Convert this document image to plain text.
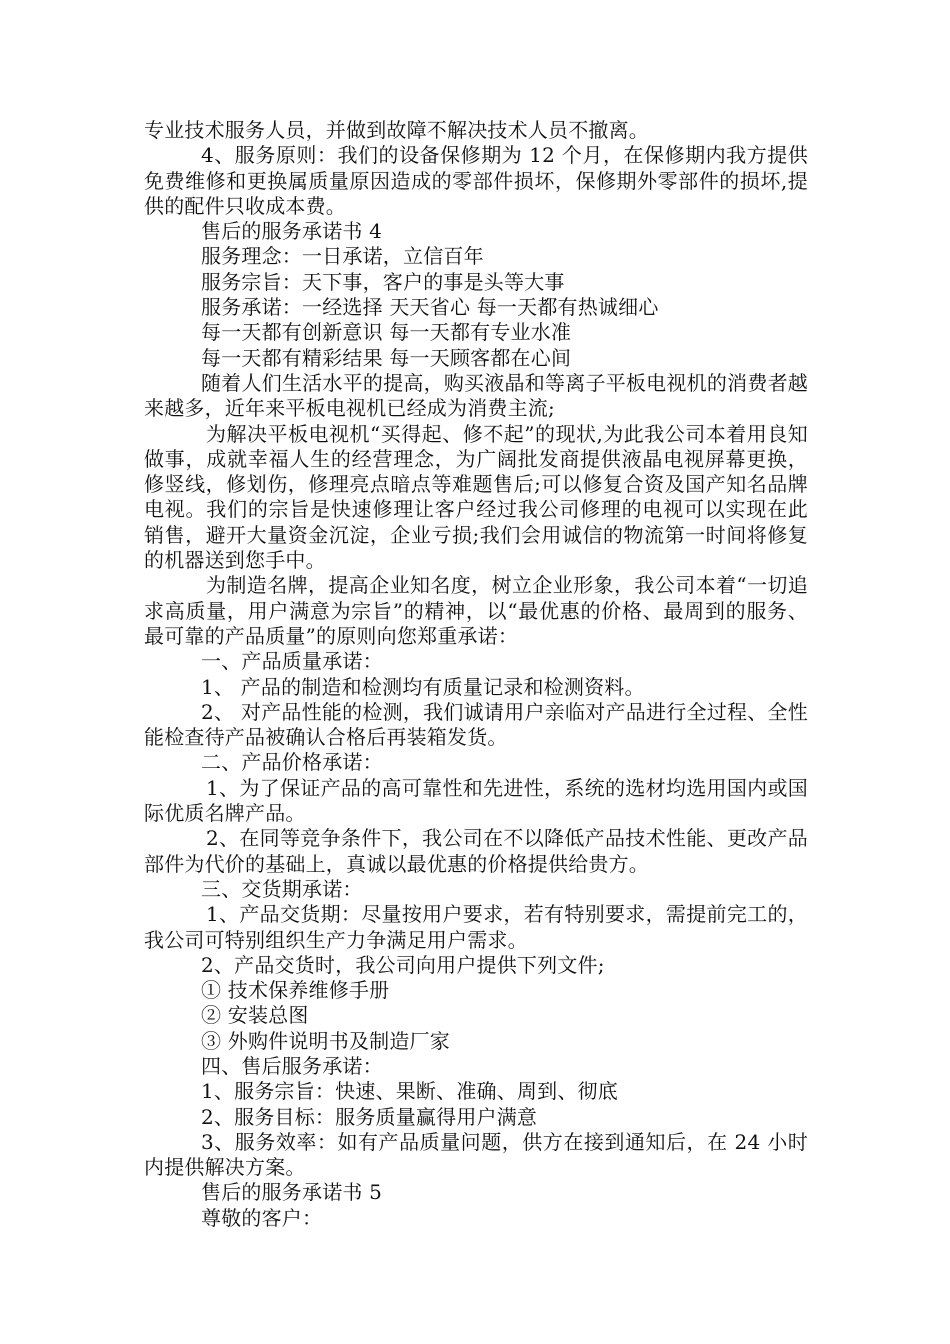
专业技术服务人员，并做到故障不解决技术人员不撤离。

4、服务原则：我们的设备保修期为 12 个月，在保修期内我方提供免费维修和更换属质量原因造成的零部件损坏，保修期外零部件的损坏,提供的配件只收成本费。

售后的服务承诺书 4

服务理念：一日承诺，立信百年

服务宗旨：天下事，客户的事是头等大事

服务承诺：一经选择 天天省心 每一天都有热诚细心

每一天都有创新意识 每一天都有专业水准

每一天都有精彩结果 每一天顾客都在心间

随着人们生活水平的提高，购买液晶和等离子平板电视机的消费者越来越多，近年来平板电视机已经成为消费主流;

为解决平板电视机“买得起、修不起”的现状,为此我公司本着用良知做事，成就幸福人生的经营理念，为广阔批发商提供液晶电视屏幕更换，修竖线，修划伤，修理亮点暗点等难题售后;可以修复合资及国产知名品牌电视。我们的宗旨是快速修理让客户经过我公司修理的电视可以实现在此销售，避开大量资金沉淀，企业亏损;我们会用诚信的物流第一时间将修复的机器送到您手中。

为制造名牌，提高企业知名度，树立企业形象，我公司本着“一切追求高质量，用户满意为宗旨”的精神，以“最优惠的价格、最周到的服务、最可靠的产品质量”的原则向您郑重承诺：

一、产品质量承诺：

1、 产品的制造和检测均有质量记录和检测资料。

2、 对产品性能的检测，我们诚请用户亲临对产品进行全过程、全性能检查待产品被确认合格后再装箱发货。

二、产品价格承诺：

1、为了保证产品的高可靠性和先进性，系统的选材均选用国内或国际优质名牌产品。

2、在同等竞争条件下，我公司在不以降低产品技术性能、更改产品部件为代价的基础上，真诚以最优惠的价格提供给贵方。

三、交货期承诺：

1、产品交货期：尽量按用户要求，若有特别要求，需提前完工的，我公司可特别组织生产力争满足用户需求。

2、产品交货时，我公司向用户提供下列文件;

① 技术保养维修手册

② 安装总图

③ 外购件说明书及制造厂家

四、售后服务承诺：

1、服务宗旨：快速、果断、准确、周到、彻底

2、服务目标：服务质量赢得用户满意

3、服务效率：如有产品质量问题，供方在接到通知后，在 24 小时内提供解决方案。

售后的服务承诺书 5

尊敬的客户：
